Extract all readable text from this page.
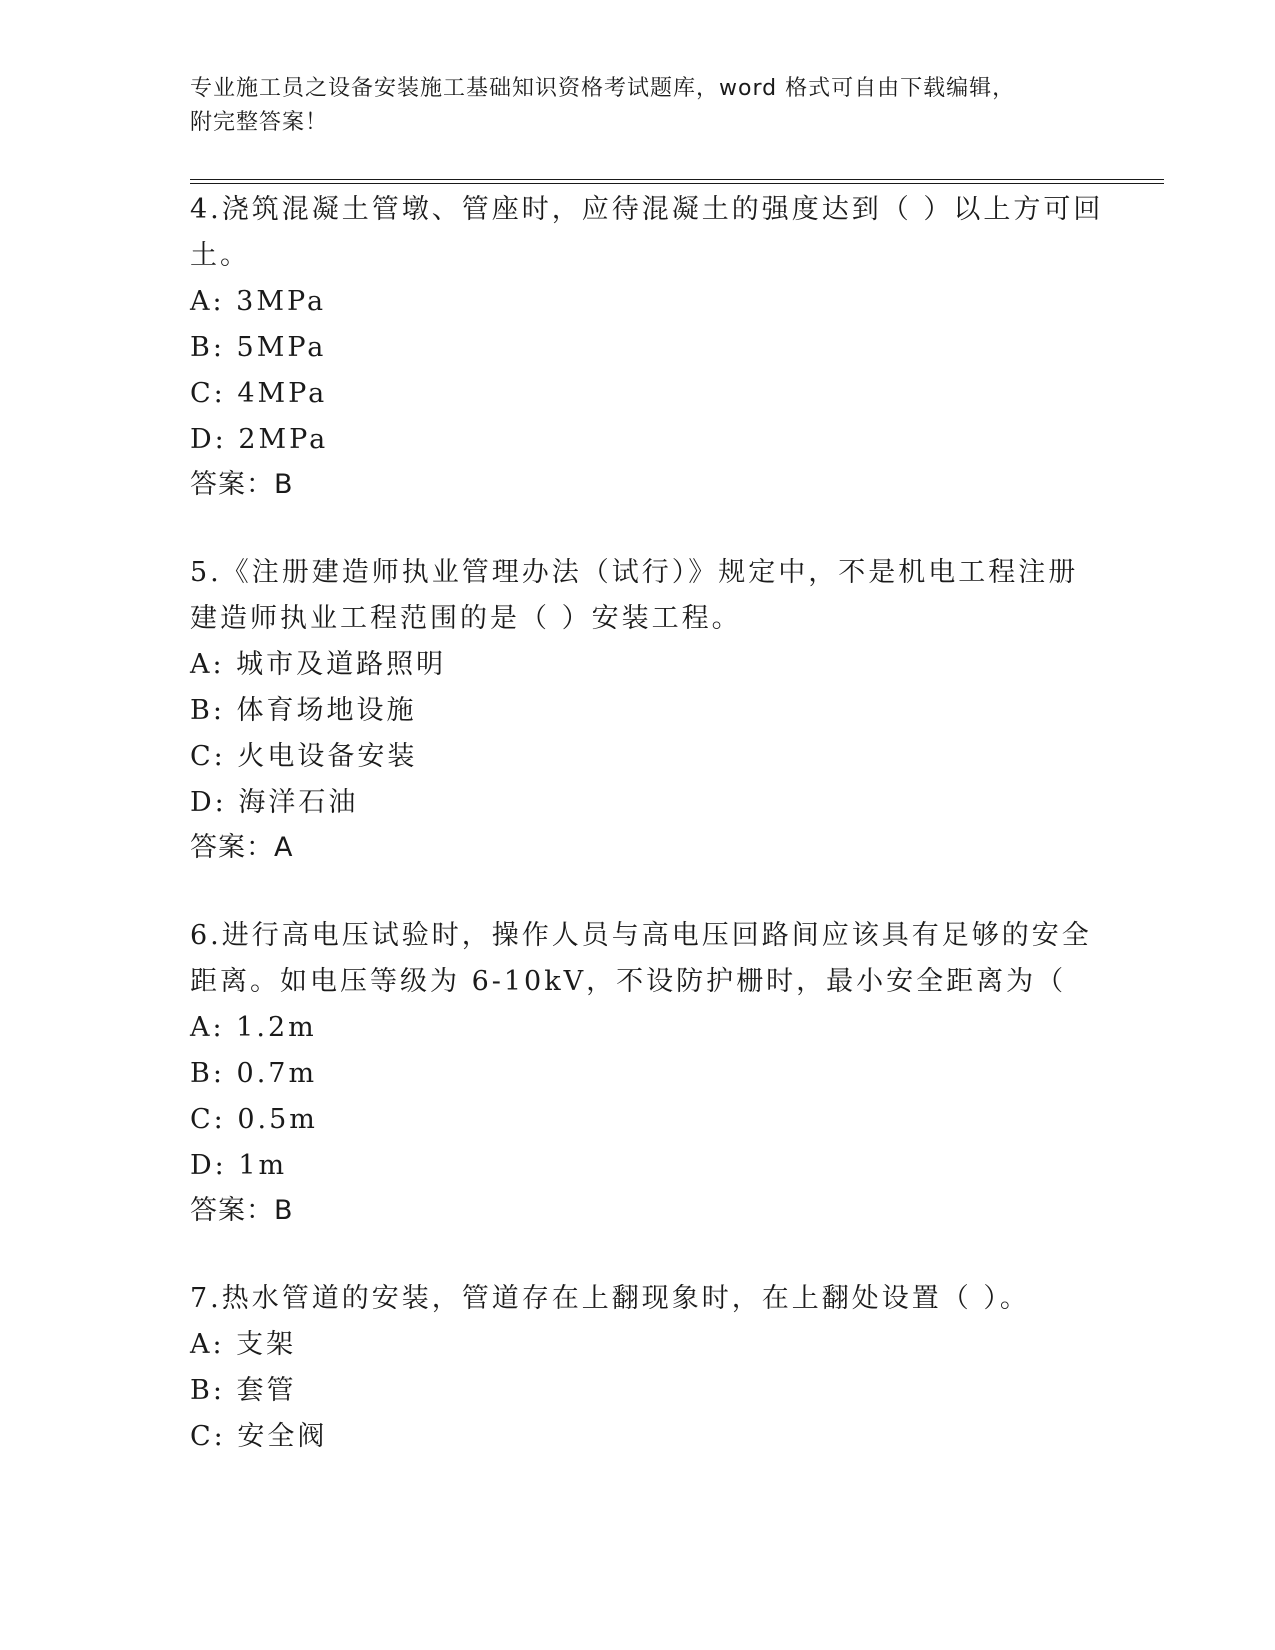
专业施工员之设备安装施工基础知识资格考试题库，word 格式可自由下载编辑，
附完整答案！

4.浇筑混凝土管墩、管座时，应待混凝土的强度达到（ ）以上方可回

土。

A: 3MPa

B: 5MPa

C: 4MPa

D: 2MPa

答案：B

5.《注册建造师执业管理办法（试行）》规定中，不是机电工程注册

建造师执业工程范围的是（ ）安装工程。

A: 城市及道路照明

B: 体育场地设施

C: 火电设备安装

D: 海洋石油

答案：A

6.进行高电压试验时，操作人员与高电压回路间应该具有足够的安全

距离。如电压等级为 6-10kV，不设防护栅时，最小安全距离为（

A: 1.2m

B: 0.7m

C: 0.5m

D: 1m

答案：B

7.热水管道的安装，管道存在上翻现象时，在上翻处设置（ ）。

A: 支架

B: 套管

C: 安全阀
